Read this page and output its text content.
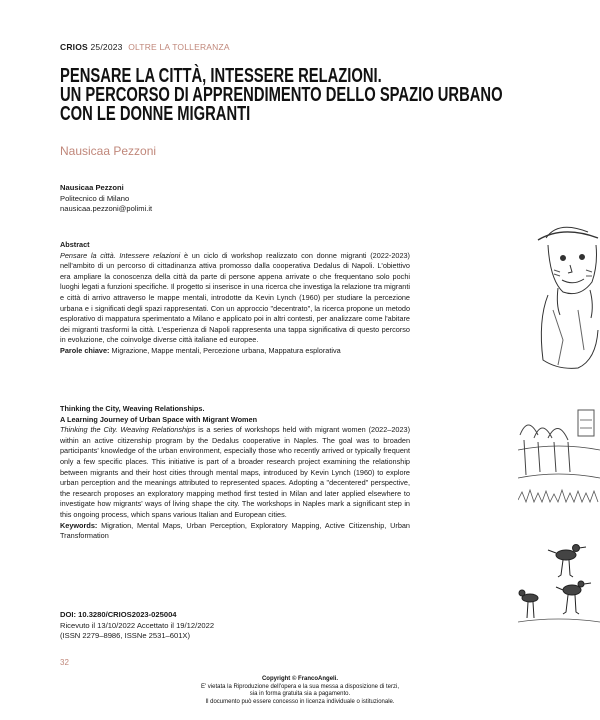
CRIOS 25/2023 OLTRE LA TOLLERANZA
PENSARE LA CITTÀ, INTESSERE RELAZIONI.
UN PERCORSO DI APPRENDIMENTO DELLO SPAZIO URBANO
CON LE DONNE MIGRANTI
Nausicaa Pezzoni
Nausicaa Pezzoni
Politecnico di Milano
nausicaa.pezzoni@polimi.it
Abstract

Pensare la città. Intessere relazioni è un ciclo di workshop realizzato con donne migranti (2022-2023) nell'ambito di un percorso di cittadinanza attiva promosso dalla cooperativa Dedalus di Napoli. L'obiettivo era ampliare la conoscenza della città da parte di persone appena arrivate o che frequentano solo pochi luoghi legati a funzioni specifiche. Il progetto si inserisce in una ricerca che investiga la relazione tra migranti e città di arrivo attraverso le mappe mentali, introdotte da Kevin Lynch (1960) per studiare la percezione urbana e i significati degli spazi rappresentati. Con un approccio "decentrato", la ricerca propone un metodo esplorativo di mappatura sperimentato a Milano e applicato poi in altri contesti, per analizzare come l'abitare dei migranti trasformi la città. L'esperienza di Napoli rappresenta una tappa significativa di questo percorso in evoluzione, che coinvolge diverse città italiane ed europee.

Parole chiave: Migrazione, Mappe mentali, Percezione urbana, Mappatura esplorativa

Thinking the City, Weaving Relationships.
A Learning Journey of Urban Space with Migrant Women

Thinking the City. Weaving Relationships is a series of workshops held with migrant women (2022–2023) within an active citizenship program by the Dedalus cooperative in Naples. The goal was to broaden participants' knowledge of the urban environment, especially those who recently arrived or typically frequent only a few specific places. This initiative is part of a broader research project examining the relationship between migrants and their host cities through mental maps, introduced by Kevin Lynch (1960) to explore urban perception and the meanings attributed to represented spaces. Adopting a "decentered" perspective, the research proposes an exploratory mapping method first tested in Milan and later applied elsewhere to investigate how migrants' ways of living shape the city. The workshops in Naples mark a significant step in this ongoing process, which spans various Italian and European cities.

Keywords: Migration, Mental Maps, Urban Perception, Exploratory Mapping, Active Citizenship, Urban Transformation

DOI: 10.3280/CRIOS2023-025004
Ricevuto il 13/10/2022 Accettato il 19/12/2022
(ISSN 2279–8986, ISSNe 2531–601X)
32
Copyright © FrancoAngeli.
E' vietata la Riproduzione dell'opera e la sua messa a disposizione di terzi,
sia in forma gratuita sia a pagamento.
Il documento può essere concesso in licenza individuale o istituzionale.
